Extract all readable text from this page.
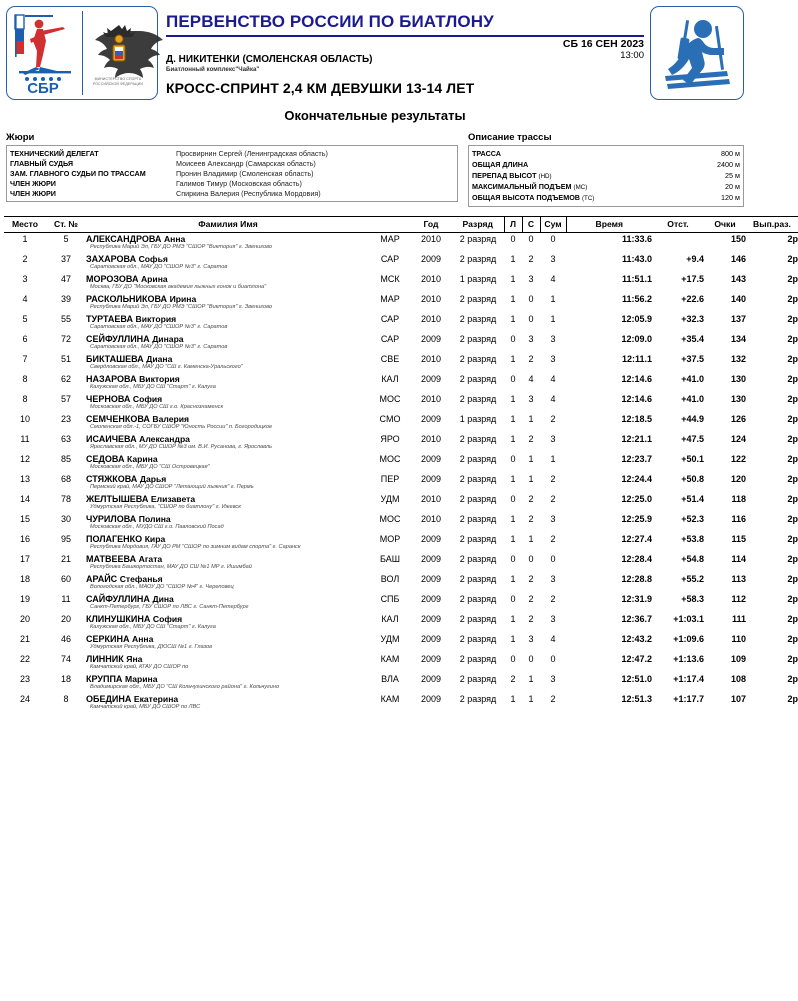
СБР
МИНИСТЕРСТВО СПОРТА РОССИЙСКОЙ ФЕДЕРАЦИИ
ПЕРВЕНСТВО РОССИИ ПО БИАТЛОНУ
СБ 16 СЕН 2023
13:00
Д. НИКИТЕНКИ (СМОЛЕНСКАЯ ОБЛАСТЬ)
Биатлонный комплекс"Чайка"
КРОСС-СПРИНТ 2,4 КМ ДЕВУШКИ 13-14 ЛЕТ
Окончательные результаты
Жюри
ТЕХНИЧЕСКИЙ ДЕЛЕГАТ	Просвирнин Сергей (Ленинградская область)
ГЛАВНЫЙ СУДЬЯ	Моисеев Александр (Самарская область)
ЗАМ. ГЛАВНОГО СУДЬИ ПО ТРАССАМ	Пронин Владимир (Смоленская область)
ЧЛЕН ЖЮРИ	Галимов Тимур (Московская область)
ЧЛЕН ЖЮРИ	Спиркина Валерия (Республика Мордовия)
Описание трассы
ТРАССА	800 м
ОБЩАЯ ДЛИНА	2400 м
ПЕРЕПАД ВЫСОТ (HD)	25 м
МАКСИМАЛЬНЫЙ ПОДЪЕМ (MC)	20 м
ОБЩАЯ ВЫСОТА ПОДЪЕМОВ (TC)	120 м
Место	Ст. №	Фамилия Имя		Год	Разряд	Л	С	Сум	Время	Отст.	Очки	Вып.раз.
1	5	АЛЕКСАНДРОВА Анна	МАР	2010	2 разряд	0	0	0	11:33.6		150	2р
		Республика Марий Эл, ГБУ ДО РМЭ "СШОР "Виктория" г. Звенигово										
2	37	ЗАХАРОВА Софья	САР	2009	2 разряд	1	2	3	11:43.0	+9.4	146	2р
		Саратовская обл., МАУ ДО "СШОР №3" г. Саратов										
3	47	МОРОЗОВА Арина	МСК	2010	1 разряд	1	3	4	11:51.1	+17.5	143	2р
		Москва, ГБУ ДО "Московская академия лыжных гонок и биатлона"										
4	39	РАСКОЛЬНИКОВА Ирина	МАР	2010	2 разряд	1	0	1	11:56.2	+22.6	140	2р
		Республика Марий Эл, ГБУ ДО РМЭ "СШОР "Виктория" г. Звенигово										
5	55	ТУРТАЕВА Виктория	САР	2010	2 разряд	1	0	1	12:05.9	+32.3	137	2р
		Саратовская обл., МАУ ДО "СШОР №3" г. Саратов										
6	72	СЕЙФУЛЛИНА Динара	САР	2009	2 разряд	0	3	3	12:09.0	+35.4	134	2р
		Саратовская обл., МАУ ДО "СШОР №3" г. Саратов										
7	51	БИКТАШЕВА Диана	СВЕ	2010	2 разряд	1	2	3	12:11.1	+37.5	132	2р
		Свердловская обл., МАУ ДО "СШ г. Каменска-Уральского"										
8	62	НАЗАРОВА Виктория	КАЛ	2009	2 разряд	0	4	4	12:14.6	+41.0	130	2р
		Калужская обл., МБУ ДО СШ "Старт" г. Калуга										
8	57	ЧЕРНОВА София	МОС	2010	2 разряд	1	3	4	12:14.6	+41.0	130	2р
		Московская обл., МБУ ДО СШ г.о. Краснознаменск										
10	23	СЕМЧЕНКОВА Валерия	СМО	2009	1 разряд	1	1	2	12:18.5	+44.9	126	2р
		Смоленская обл.-1, СОГБУ СШОР "Юность России" п. Богородицкое										
11	63	ИСАИЧЕВА Александра	ЯРО	2010	2 разряд	1	2	3	12:21.1	+47.5	124	2р
		Ярославская обл., МУ ДО СШОР №3 им. В.И. Русанова, г. Ярославль										
12	85	СЕДОВА Карина	МОС	2009	2 разряд	0	1	1	12:23.7	+50.1	122	2р
		Московская обл., МБУ ДО "СШ Островецкая"										
13	68	СТЯЖКОВА Дарья	ПЕР	2009	2 разряд	1	1	2	12:24.4	+50.8	120	2р
		Пермский край, МАУ ДО СШОР "Летающий лыжник" г. Пермь										
14	78	ЖЕЛТЫШЕВА Елизавета	УДМ	2010	2 разряд	0	2	2	12:25.0	+51.4	118	2р
		Удмуртская Республика, "СШОР по биатлону" г. Ижевск										
15	30	ЧУРИЛОВА Полина	МОС	2010	2 разряд	1	2	3	12:25.9	+52.3	116	2р
		Московская обл., МУДО СШ г.о. Павловский Посад										
16	95	ПОЛАГЕНКО Кира	МОР	2009	2 разряд	1	1	2	12:27.4	+53.8	115	2р
		Республика Мордовия, ГАУ ДО РМ "СШОР по зимним видам спорта" г. Саранск										
17	21	МАТВЕЕВА Агата	БАШ	2009	2 разряд	0	0	0	12:28.4	+54.8	114	2р
		Республика Башкортостан, МАУ ДО СШ №1 МР г. Ишимбай										
18	60	АРАЙС Стефанья	ВОЛ	2009	2 разряд	1	2	3	12:28.8	+55.2	113	2р
		Вологодская обл., МАОУ ДО "СШОР №4" г. Череповец										
19	11	САЙФУЛЛИНА Дина	СПБ	2009	2 разряд	0	2	2	12:31.9	+58.3	112	2р
		Санкт-Петербург, ГБУ СШОР по ЛВС г. Санкт-Петербург										
20	20	КЛИНУШКИНА София	КАЛ	2009	2 разряд	1	2	3	12:36.7	+1:03.1	111	2р
		Калужская обл., МБУ ДО СШ "Старт" г. Калуга										
21	46	СЕРКИНА Анна	УДМ	2009	2 разряд	1	3	4	12:43.2	+1:09.6	110	2р
		Удмуртская Республика, ДЮСШ №1 г. Глазов										
22	74	ЛИННИК Яна	КАМ	2009	2 разряд	0	0	0	12:47.2	+1:13.6	109	2р
		Камчатский край, КГАУ ДО СШОР по										
23	18	КРУППА Марина	ВЛА	2009	2 разряд	2	1	3	12:51.0	+1:17.4	108	2р
		Владимирская обл., МБУ ДО "СШ Кольчугинского района" г. Кольчугино										
24	8	ОБЕДИНА Екатерина	КАМ	2009	2 разряд	1	1	2	12:51.3	+1:17.7	107	2р
		Камчатский край, МБУ ДО СШОР по ЛВС										
